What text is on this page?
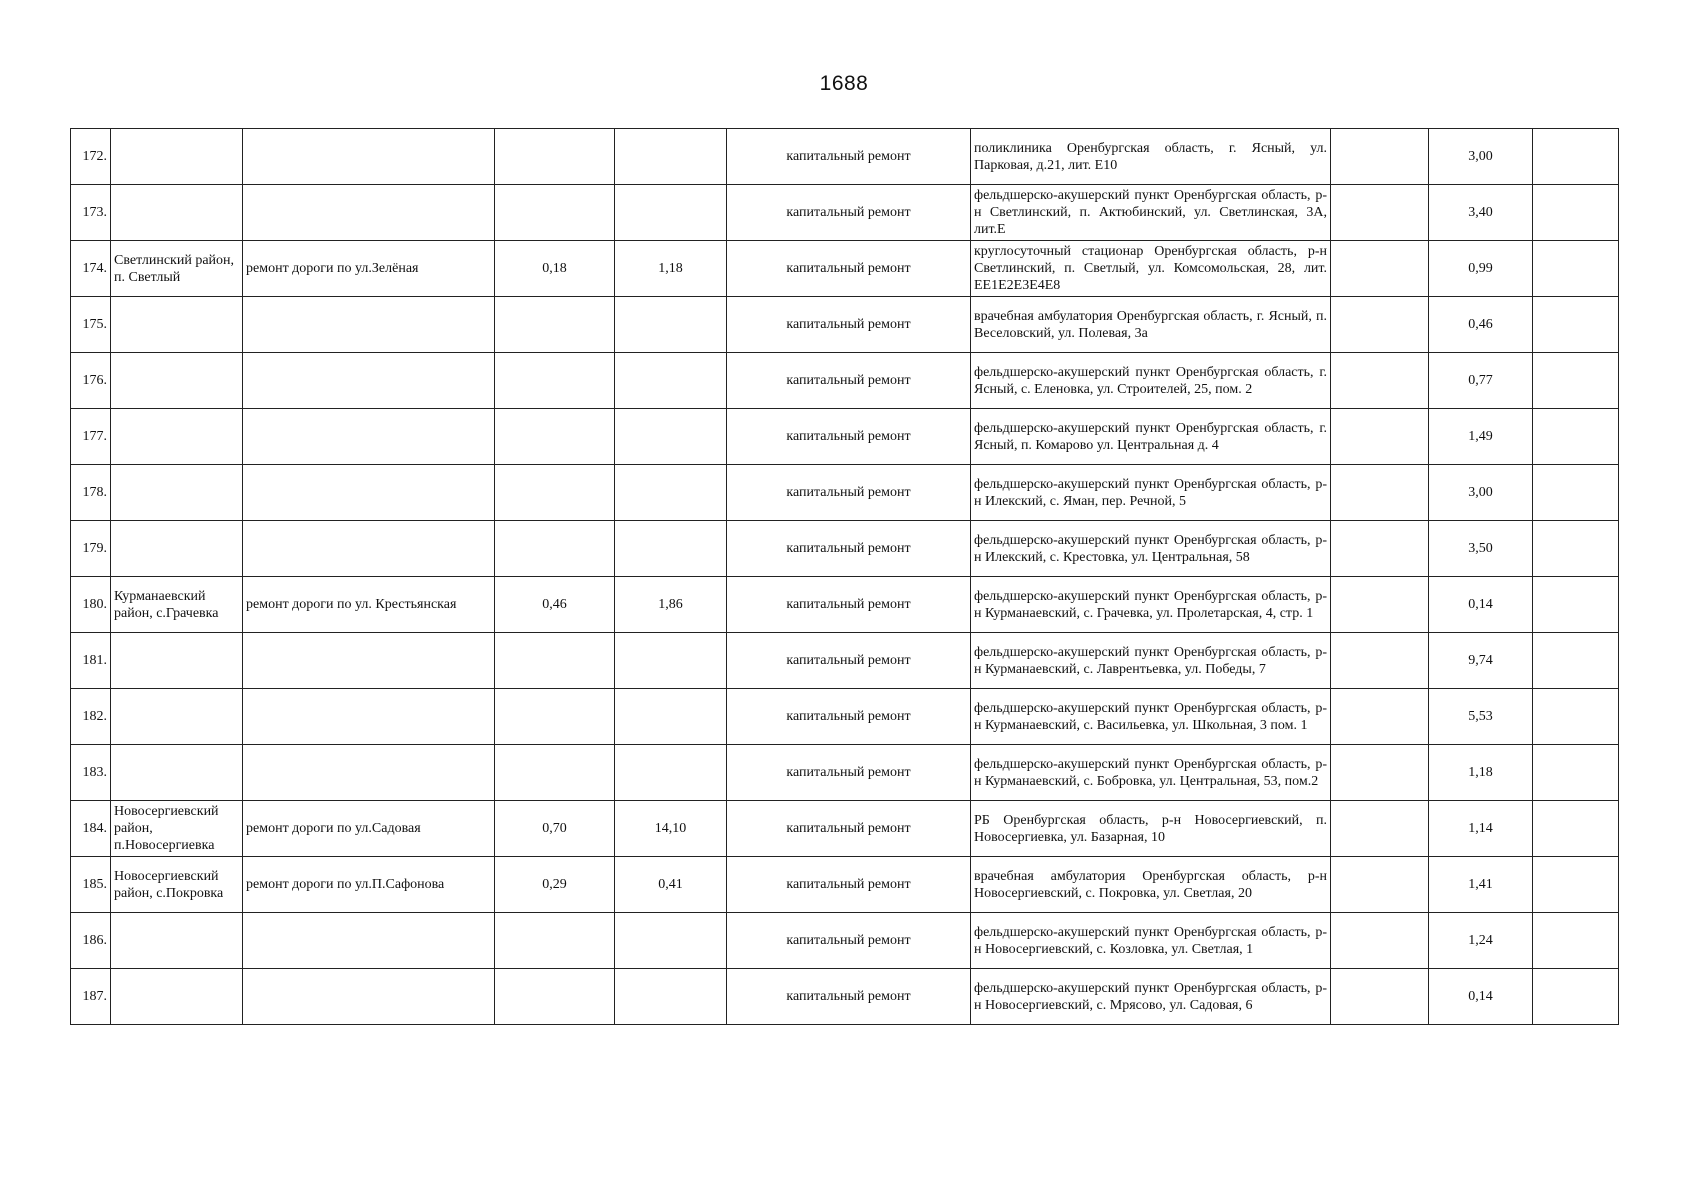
1688
172.					капитальный ремонт	поликлиника Оренбургская область, г. Ясный, ул. Парковая, д.21, лит. Е10		3,00	
173.					капитальный ремонт	фельдшерско-акушерский пункт Оренбургская область, р-н Светлинский, п. Актюбинский, ул. Светлинская, 3А, лит.Е		3,40	
174.	Светлинский район, п. Светлый	ремонт дороги по ул.Зелёная	0,18	1,18	капитальный ремонт	круглосуточный стационар Оренбургская область, р-н Светлинский, п. Светлый, ул. Комсомольская, 28, лит. ЕЕ1Е2Е3Е4Е8		0,99	
175.					капитальный ремонт	врачебная амбулатория Оренбургская область, г. Ясный, п. Веселовский, ул. Полевая, 3а		0,46	
176.					капитальный ремонт	фельдшерско-акушерский пункт Оренбургская область, г. Ясный, с. Еленовка, ул. Строителей, 25, пом. 2		0,77	
177.					капитальный ремонт	фельдшерско-акушерский пункт Оренбургская область, г. Ясный, п. Комарово ул. Центральная д. 4		1,49	
178.					капитальный ремонт	фельдшерско-акушерский пункт Оренбургская область, р-н Илекский, с. Яман, пер. Речной, 5		3,00	
179.					капитальный ремонт	фельдшерско-акушерский пункт Оренбургская область, р-н Илекский, с. Крестовка, ул. Центральная, 58		3,50	
180.	Курманаевский район, с.Грачевка	ремонт дороги по ул. Крестьянская	0,46	1,86	капитальный ремонт	фельдшерско-акушерский пункт Оренбургская область, р-н Курманаевский, с. Грачевка, ул. Пролетарская, 4, стр. 1		0,14	
181.					капитальный ремонт	фельдшерско-акушерский пункт Оренбургская область, р-н Курманаевский, с. Лаврентьевка, ул. Победы, 7		9,74	
182.					капитальный ремонт	фельдшерско-акушерский пункт Оренбургская область, р-н Курманаевский, с. Васильевка, ул. Школьная, 3 пом. 1		5,53	
183.					капитальный ремонт	фельдшерско-акушерский пункт Оренбургская область, р-н Курманаевский, с. Бобровка, ул. Центральная, 53, пом.2		1,18	
184.	Новосергиевский район, п.Новосергиевка	ремонт дороги по ул.Садовая	0,70	14,10	капитальный ремонт	РБ Оренбургская область, р-н Новосергиевский, п. Новосергиевка, ул. Базарная, 10		1,14	
185.	Новосергиевский район, с.Покровка	ремонт дороги по ул.П.Сафонова	0,29	0,41	капитальный ремонт	врачебная амбулатория Оренбургская область, р-н Новосергиевский, с. Покровка, ул. Светлая, 20		1,41	
186.					капитальный ремонт	фельдшерско-акушерский пункт Оренбургская область, р-н Новосергиевский, с. Козловка, ул. Светлая, 1		1,24	
187.					капитальный ремонт	фельдшерско-акушерский пункт Оренбургская область, р-н Новосергиевский, с. Мрясово, ул. Садовая, 6		0,14	
